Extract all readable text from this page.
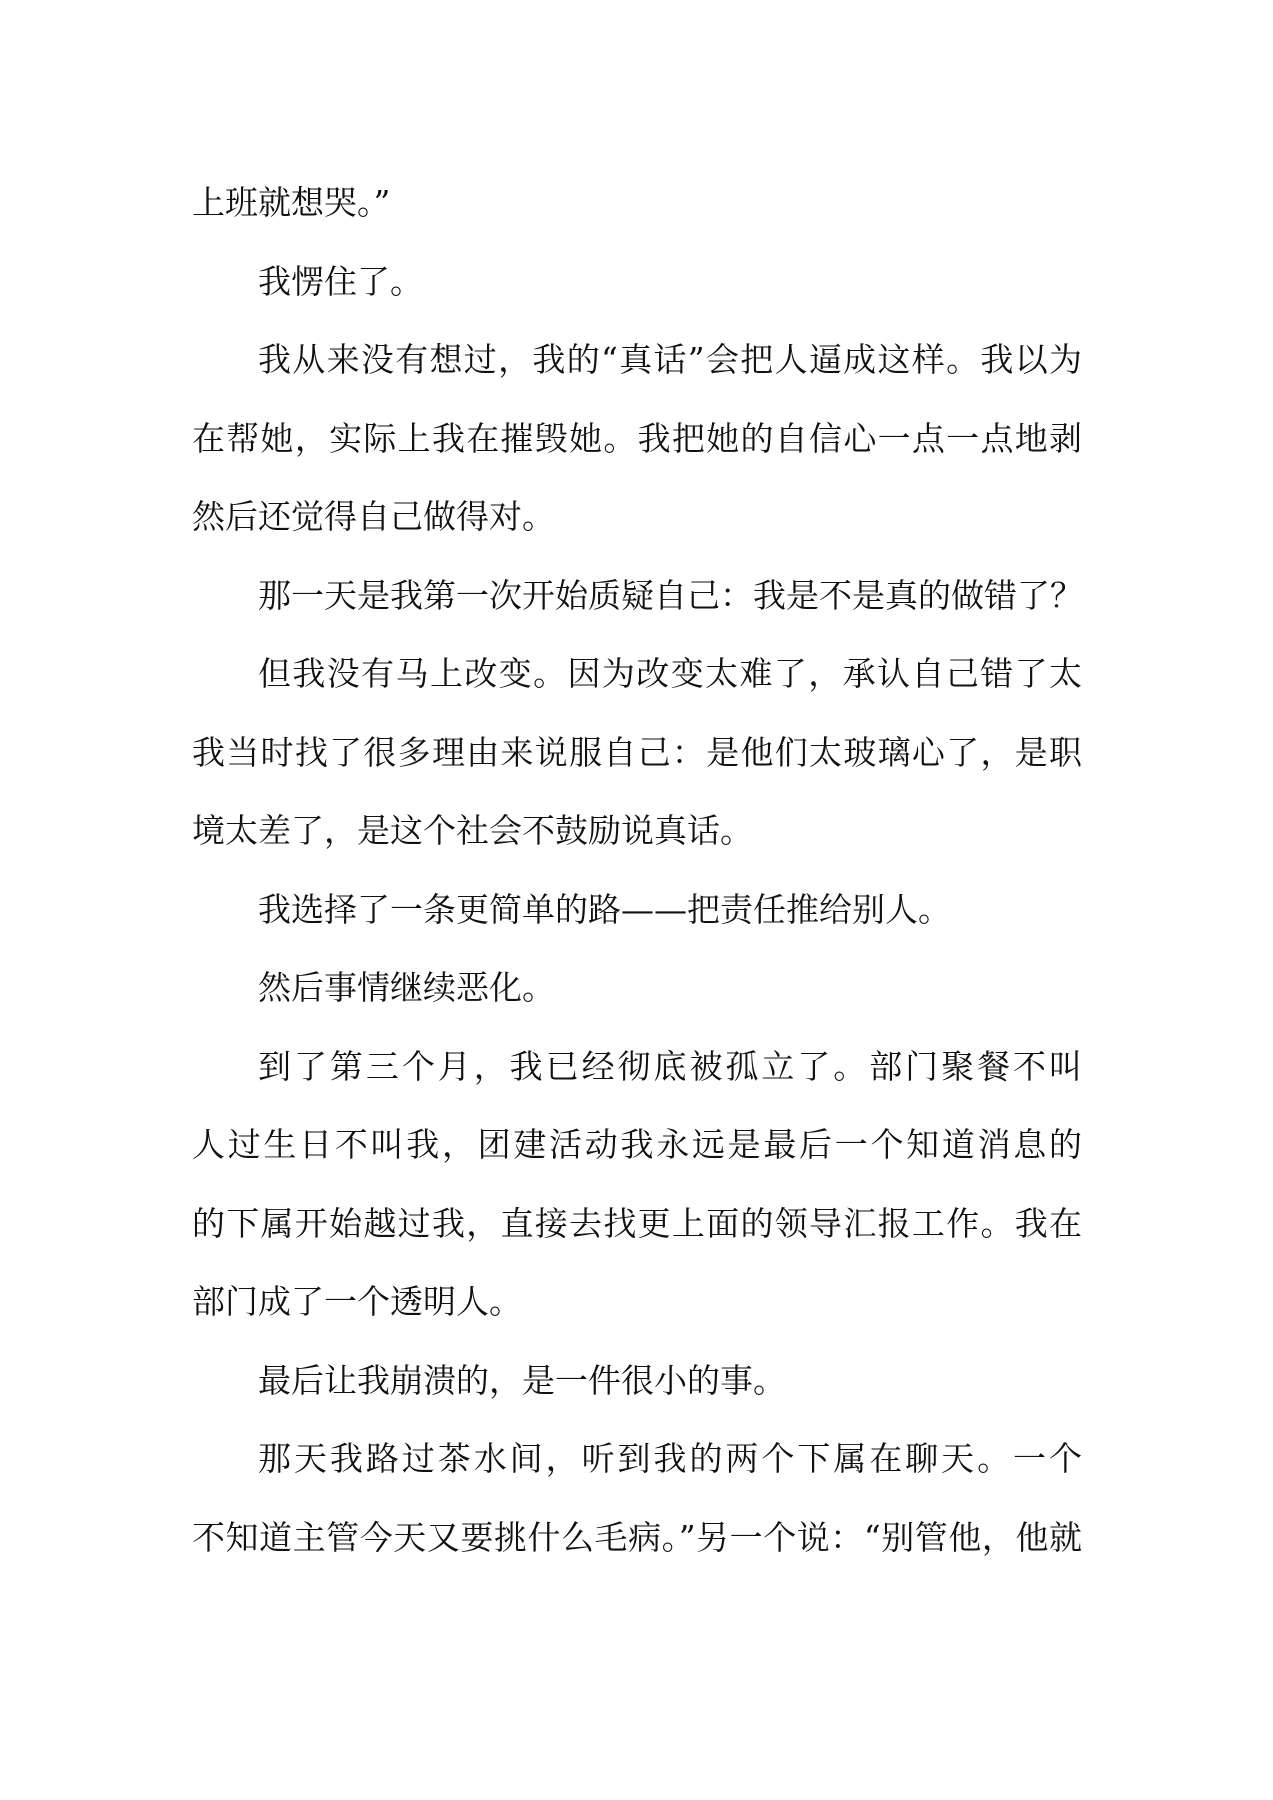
上班就想哭。”
我愣住了。
我从来没有想过，我的“真话”会把人逼成这样。我以为
在帮她，实际上我在摧毁她。我把她的自信心一点一点地剥
然后还觉得自己做得对。
那一天是我第一次开始质疑自己：我是不是真的做错了？
但我没有马上改变。因为改变太难了，承认自己错了太
我当时找了很多理由来说服自己：是他们太玻璃心了，是职
境太差了，是这个社会不鼓励说真话。
我选择了一条更简单的路——把责任推给别人。
然后事情继续恶化。
到了第三个月，我已经彻底被孤立了。部门聚餐不叫
人过生日不叫我，团建活动我永远是最后一个知道消息的
的下属开始越过我，直接去找更上面的领导汇报工作。我在
部门成了一个透明人。
最后让我崩溃的，是一件很小的事。
那天我路过茶水间，听到我的两个下属在聊天。一个
不知道主管今天又要挑什么毛病。”另一个说：“别管他，他就
